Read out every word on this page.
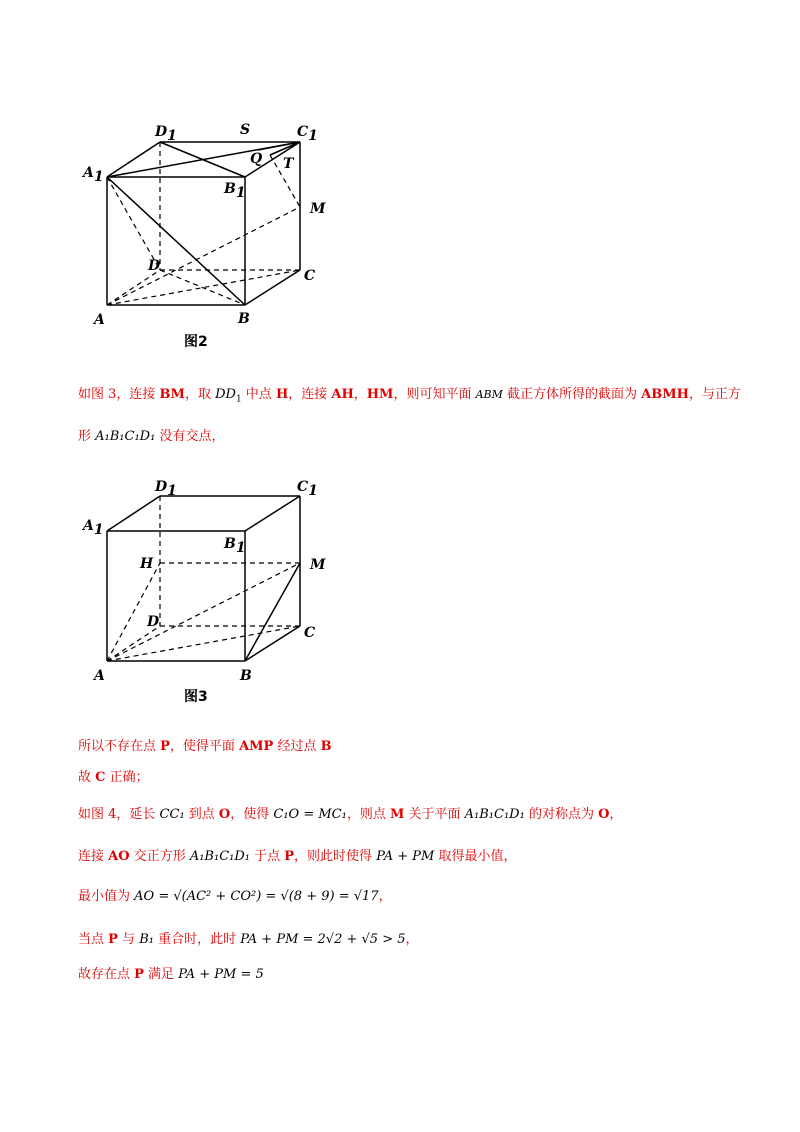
D1	S	C1
A1
Q T
B1
M
D
C
A	B
图2
如图 3，连接 BM，取 $DD_1$ 中点 H，连接 AH，HM，则可知平面 ABM 截正方体所得的截面为 ABMH，与正方
形 A₁B₁C₁D₁ 没有交点，
D1	C1
A1
B1
H	M
D
C
A	B
图3
所以不存在点 P，使得平面 AMP 经过点 B
故 C 正确；
如图 4，延长 CC₁ 到点 O，使得 C₁O = MC₁，则点 M 关于平面 A₁B₁C₁D₁ 的对称点为 O，
连接 AO 交正方形 A₁B₁C₁D₁ 于点 P，则此时使得 PA + PM 取得最小值，
最小值为 AO = √(AC² + CO²) = √(8 + 9) = √17，
当点 P 与 B₁ 重合时，此时 PA + PM = 2√2 + √5 > 5，
故存在点 P 满足 PA + PM = 5
